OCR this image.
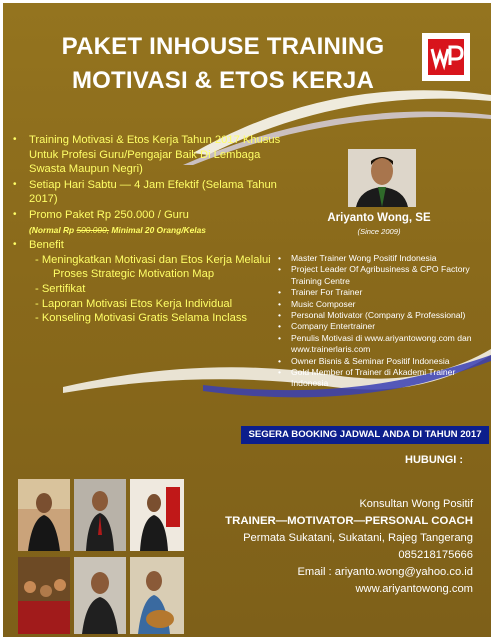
PAKET INHOUSE TRAINING
MOTIVASI & ETOS KERJA
• Training Motivasi & Etos Kerja Tahun 2017 Khusus Untuk Profesi Guru/Pengajar Baik Di Lembaga Swasta Maupun Negri)
• Setiap Hari Sabtu — 4 Jam Efektif (Selama Tahun 2017)
• Promo Paket Rp 250.000 / Guru
(Normal Rp 500.000, Minimal 20 Orang/Kelas
• Benefit
- Meningkatkan Motivasi dan Etos Kerja Melalui Proses Strategic Motivation Map
- Sertifikat
- Laporan Motivasi Etos Kerja Individual
- Konseling Motivasi Gratis Selama Inclass
Ariyanto Wong, SE
(Since 2009)
• Master Trainer Wong Positif Indonesia
• Project Leader Of Agribusiness & CPO Factory Training Centre
• Trainer For Trainer
• Music Composer
• Personal Motivator (Company & Professional)
• Company Entertrainer
• Penulis Motivasi di www.ariyantowong.com dan www.trainerlaris.com
• Owner Bisnis & Seminar Positif Indonesia
• Gold Member of Trainer di Akademi Trainer Indonesia
SEGERA BOOKING JADWAL ANDA DI TAHUN 2017
HUBUNGI :
Konsultan Wong Positif
TRAINER—MOTIVATOR—PERSONAL COACH
Permata Sukatani, Sukatani, Rajeg Tangerang
085218175666
Email : ariyanto.wong@yahoo.co.id
www.ariyantowong.com
